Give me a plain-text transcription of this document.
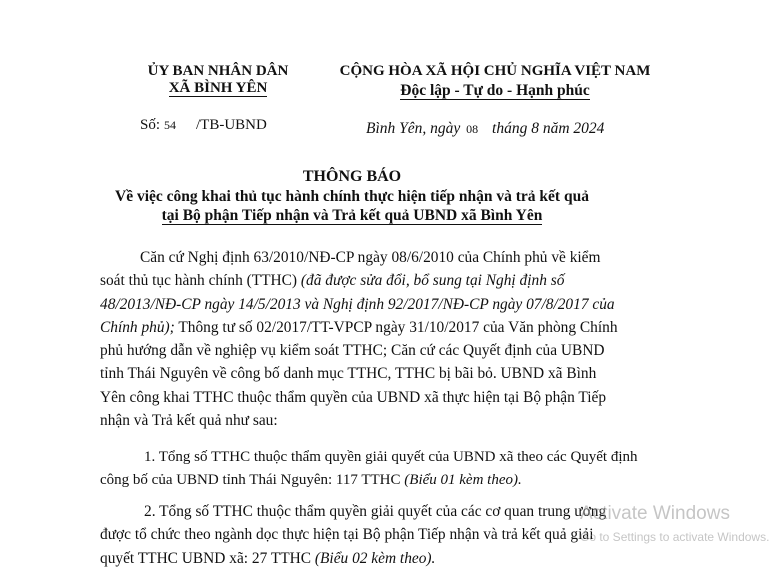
ỦY BAN NHÂN DÂN
XÃ BÌNH YÊN
CỘNG HÒA XÃ HỘI CHỦ NGHĨA VIỆT NAM
Độc lập - Tự do - Hạnh phúc
Số: 54 /TB-UBND	Bình Yên, ngày 08 tháng 8 năm 2024
THÔNG BÁO
Về việc công khai thủ tục hành chính thực hiện tiếp nhận và trả kết quả
tại Bộ phận Tiếp nhận và Trả kết quả UBND xã Bình Yên
Căn cứ Nghị định 63/2010/NĐ-CP ngày 08/6/2010 của Chính phủ về kiểm
soát thủ tục hành chính (TTHC) (đã được sửa đổi, bổ sung tại Nghị định số
48/2013/NĐ-CP ngày 14/5/2013 và Nghị định 92/2017/NĐ-CP ngày 07/8/2017 của
Chính phủ); Thông tư số 02/2017/TT-VPCP ngày 31/10/2017 của Văn phòng Chính
phủ hướng dẫn về nghiệp vụ kiểm soát TTHC; Căn cứ các Quyết định của UBND
tỉnh Thái Nguyên về công bố danh mục TTHC, TTHC bị bãi bỏ. UBND xã Bình
Yên công khai TTHC thuộc thẩm quyền của UBND xã thực hiện tại Bộ phận Tiếp
nhận và Trả kết quả như sau:
1. Tổng số TTHC thuộc thẩm quyền giải quyết của UBND xã theo các Quyết định
công bố của UBND tỉnh Thái Nguyên: 117 TTHC (Biểu 01 kèm theo).
2. Tổng số TTHC thuộc thẩm quyền giải quyết của các cơ quan trung ương
được tổ chức theo ngành dọc thực hiện tại Bộ phận Tiếp nhận và trả kết quả giải
quyết TTHC UBND xã: 27 TTHC (Biểu 02 kèm theo).
Activate Windows
Go to Settings to activate Windows.
